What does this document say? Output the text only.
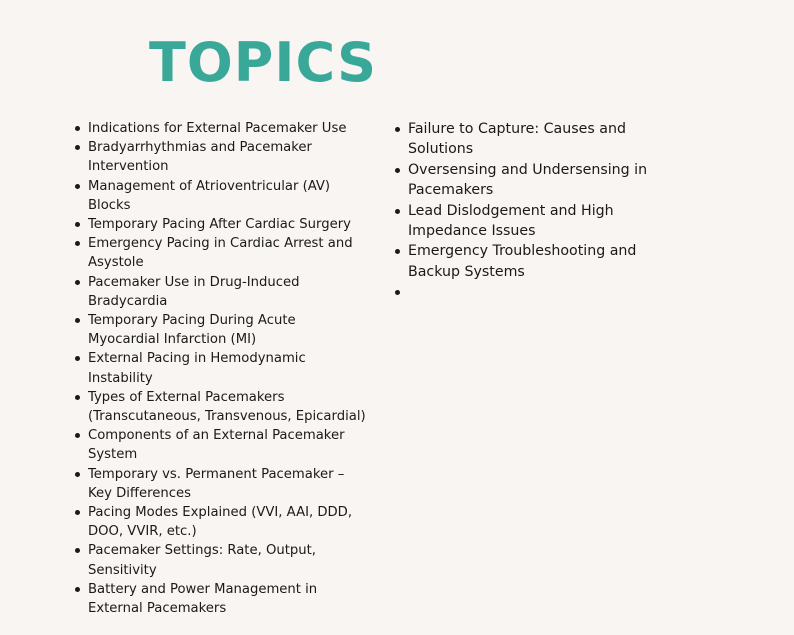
TOPICS
Indications for External Pacemaker Use
Bradyarrhythmias and Pacemaker Intervention
Management of Atrioventricular (AV) Blocks
Temporary Pacing After Cardiac Surgery
Emergency Pacing in Cardiac Arrest and Asystole
Pacemaker Use in Drug-Induced Bradycardia
Temporary Pacing During Acute Myocardial Infarction (MI)
External Pacing in Hemodynamic Instability
Types of External Pacemakers (Transcutaneous, Transvenous, Epicardial)
Components of an External Pacemaker System
Temporary vs. Permanent Pacemaker – Key Differences
Pacing Modes Explained (VVI, AAI, DDD, DOO, VVIR, etc.)
Pacemaker Settings: Rate, Output, Sensitivity
Battery and Power Management in External Pacemakers
Failure to Capture: Causes and Solutions
Oversensing and Undersensing in Pacemakers
Lead Dislodgement and High Impedance Issues
Emergency Troubleshooting and Backup Systems
